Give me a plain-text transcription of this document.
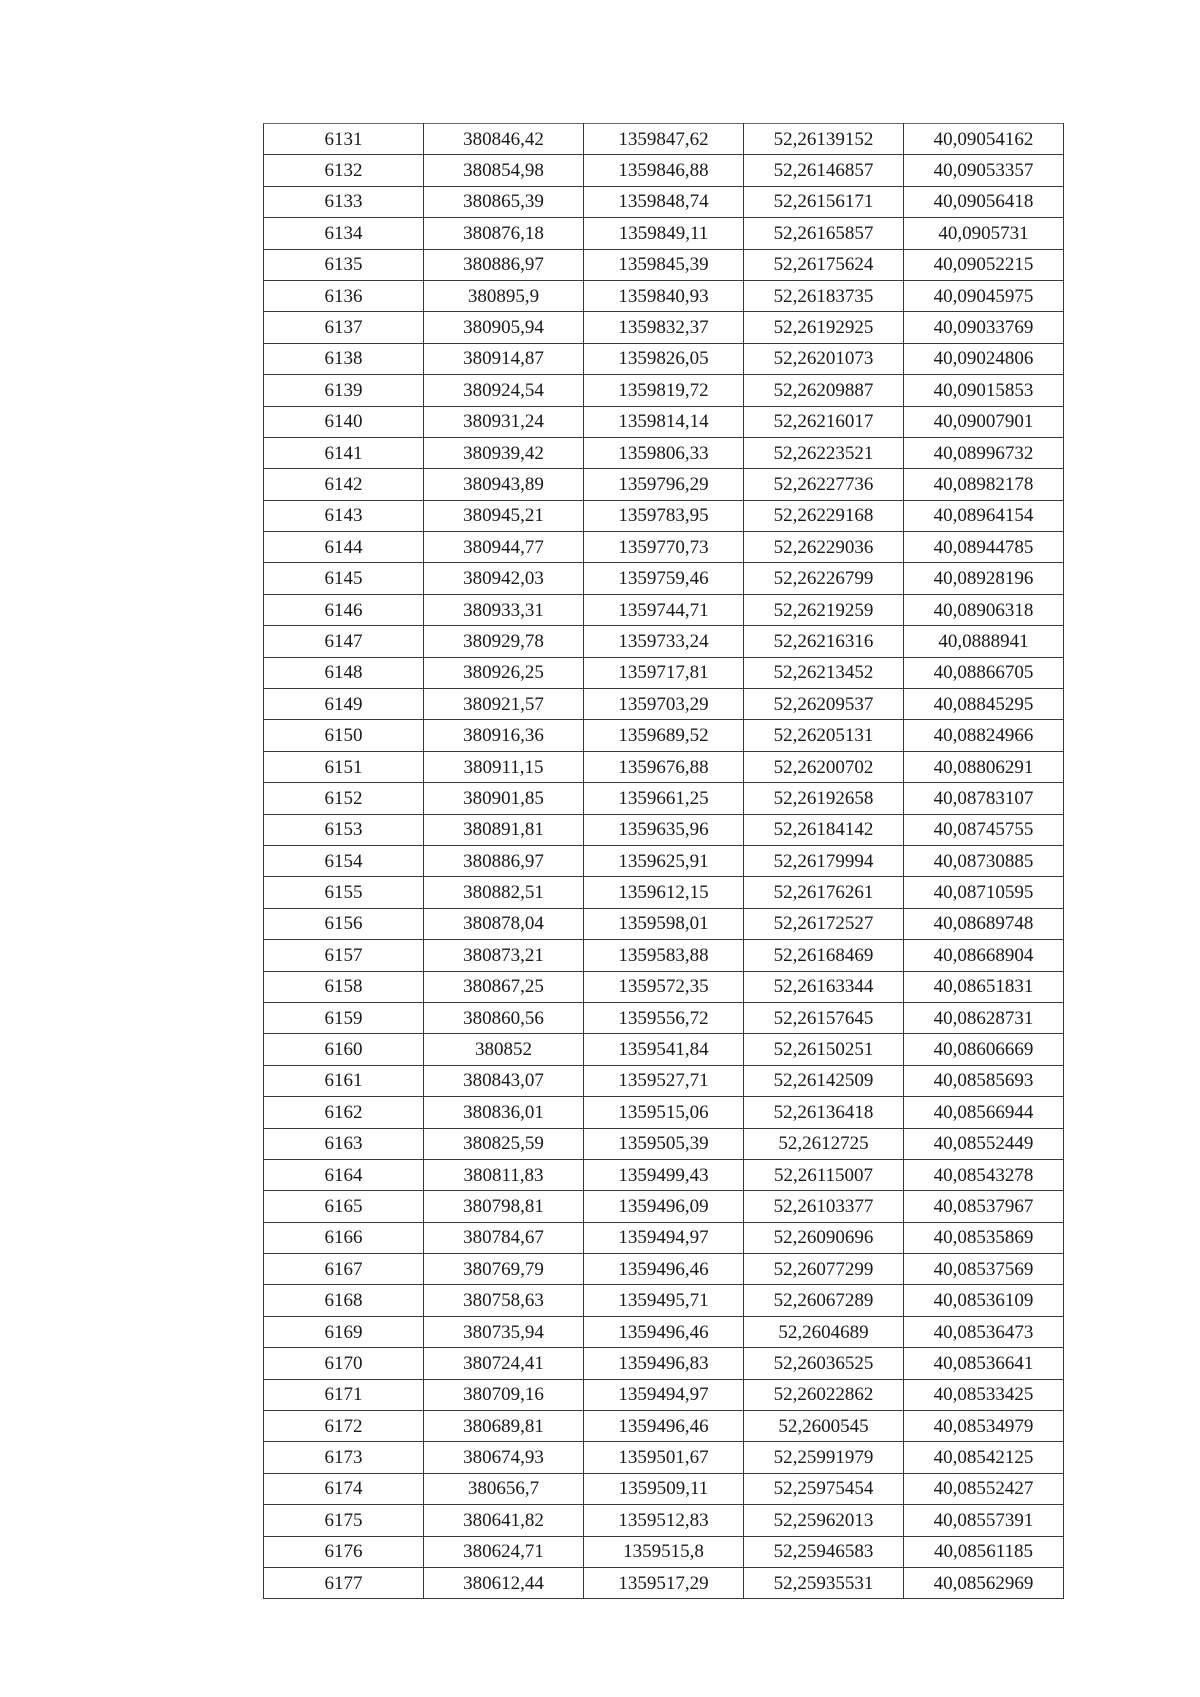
6131	380846,42	1359847,62	52,26139152	40,09054162
6132	380854,98	1359846,88	52,26146857	40,09053357
6133	380865,39	1359848,74	52,26156171	40,09056418
6134	380876,18	1359849,11	52,26165857	40,0905731
6135	380886,97	1359845,39	52,26175624	40,09052215
6136	380895,9	1359840,93	52,26183735	40,09045975
6137	380905,94	1359832,37	52,26192925	40,09033769
6138	380914,87	1359826,05	52,26201073	40,09024806
6139	380924,54	1359819,72	52,26209887	40,09015853
6140	380931,24	1359814,14	52,26216017	40,09007901
6141	380939,42	1359806,33	52,26223521	40,08996732
6142	380943,89	1359796,29	52,26227736	40,08982178
6143	380945,21	1359783,95	52,26229168	40,08964154
6144	380944,77	1359770,73	52,26229036	40,08944785
6145	380942,03	1359759,46	52,26226799	40,08928196
6146	380933,31	1359744,71	52,26219259	40,08906318
6147	380929,78	1359733,24	52,26216316	40,0888941
6148	380926,25	1359717,81	52,26213452	40,08866705
6149	380921,57	1359703,29	52,26209537	40,08845295
6150	380916,36	1359689,52	52,26205131	40,08824966
6151	380911,15	1359676,88	52,26200702	40,08806291
6152	380901,85	1359661,25	52,26192658	40,08783107
6153	380891,81	1359635,96	52,26184142	40,08745755
6154	380886,97	1359625,91	52,26179994	40,08730885
6155	380882,51	1359612,15	52,26176261	40,08710595
6156	380878,04	1359598,01	52,26172527	40,08689748
6157	380873,21	1359583,88	52,26168469	40,08668904
6158	380867,25	1359572,35	52,26163344	40,08651831
6159	380860,56	1359556,72	52,26157645	40,08628731
6160	380852	1359541,84	52,26150251	40,08606669
6161	380843,07	1359527,71	52,26142509	40,08585693
6162	380836,01	1359515,06	52,26136418	40,08566944
6163	380825,59	1359505,39	52,2612725	40,08552449
6164	380811,83	1359499,43	52,26115007	40,08543278
6165	380798,81	1359496,09	52,26103377	40,08537967
6166	380784,67	1359494,97	52,26090696	40,08535869
6167	380769,79	1359496,46	52,26077299	40,08537569
6168	380758,63	1359495,71	52,26067289	40,08536109
6169	380735,94	1359496,46	52,2604689	40,08536473
6170	380724,41	1359496,83	52,26036525	40,08536641
6171	380709,16	1359494,97	52,26022862	40,08533425
6172	380689,81	1359496,46	52,2600545	40,08534979
6173	380674,93	1359501,67	52,25991979	40,08542125
6174	380656,7	1359509,11	52,25975454	40,08552427
6175	380641,82	1359512,83	52,25962013	40,08557391
6176	380624,71	1359515,8	52,25946583	40,08561185
6177	380612,44	1359517,29	52,25935531	40,08562969
